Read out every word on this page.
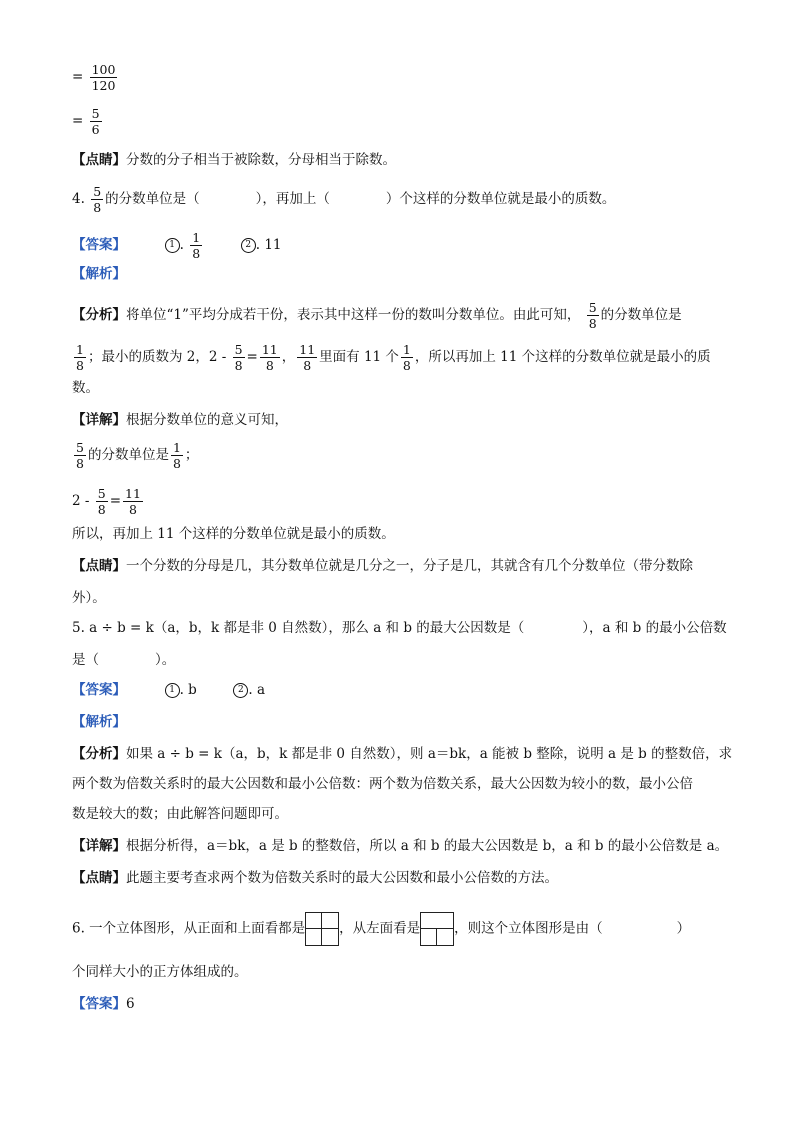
= $\frac{100}{120}$
= $\frac{5}{6}$
【点睛】分数的分子相当于被除数，分母相当于除数。
4. $\frac{5}{8}$ 的分数单位是（	），再加上（	）个这样的分数单位就是最小的质数。
【答案】	1 . $\frac{1}{8}$	2 . 11
【解析】
【分析】将单位“1”平均分成若干份，表示其中这样一份的数叫分数单位。由此可知， $\frac{5}{8}$ 的分数单位是
$\frac{1}{8}$ ；最小的质数为 2，$2 - \frac{5}{8} = \frac{11}{8}$ ， $\frac{11}{8}$ 里面有 11 个 $\frac{1}{8}$ ，所以再加上 11 个这样的分数单位就是最小的质
数。
【详解】根据分数单位的意义可知，
$\frac{5}{8}$ 的分数单位是 $\frac{1}{8}$ ；
$2 - \frac{5}{8} = \frac{11}{8}$
所以，再加上 11 个这样的分数单位就是最小的质数。
【点睛】一个分数的分母是几，其分数单位就是几分之一，分子是几，其就含有几个分数单位（带分数除
外）。
5. a ÷ b = k（a，b，k 都是非 0 自然数），那么 a 和 b 的最大公因数是（	），a 和 b 的最小公倍数
是（	）。
【答案】	1 . b	2 . a
【解析】
【分析】如果 a ÷ b = k（a，b，k 都是非 0 自然数），则 a＝bk，a 能被 b 整除，说明 a 是 b 的整数倍，求
两个数为倍数关系时的最大公因数和最小公倍数：两个数为倍数关系，最大公因数为较小的数，最小公倍
数是较大的数；由此解答问题即可。
【详解】根据分析得，a＝bk，a 是 b 的整数倍，所以 a 和 b 的最大公因数是 b，a 和 b 的最小公倍数是 a。
【点睛】此题主要考查求两个数为倍数关系时的最大公因数和最小公倍数的方法。
6. 一个立体图形，从正面和上面看都是	，从左面看是	，则这个立体图形是由（	）
个同样大小的正方体组成的。
【答案】6
